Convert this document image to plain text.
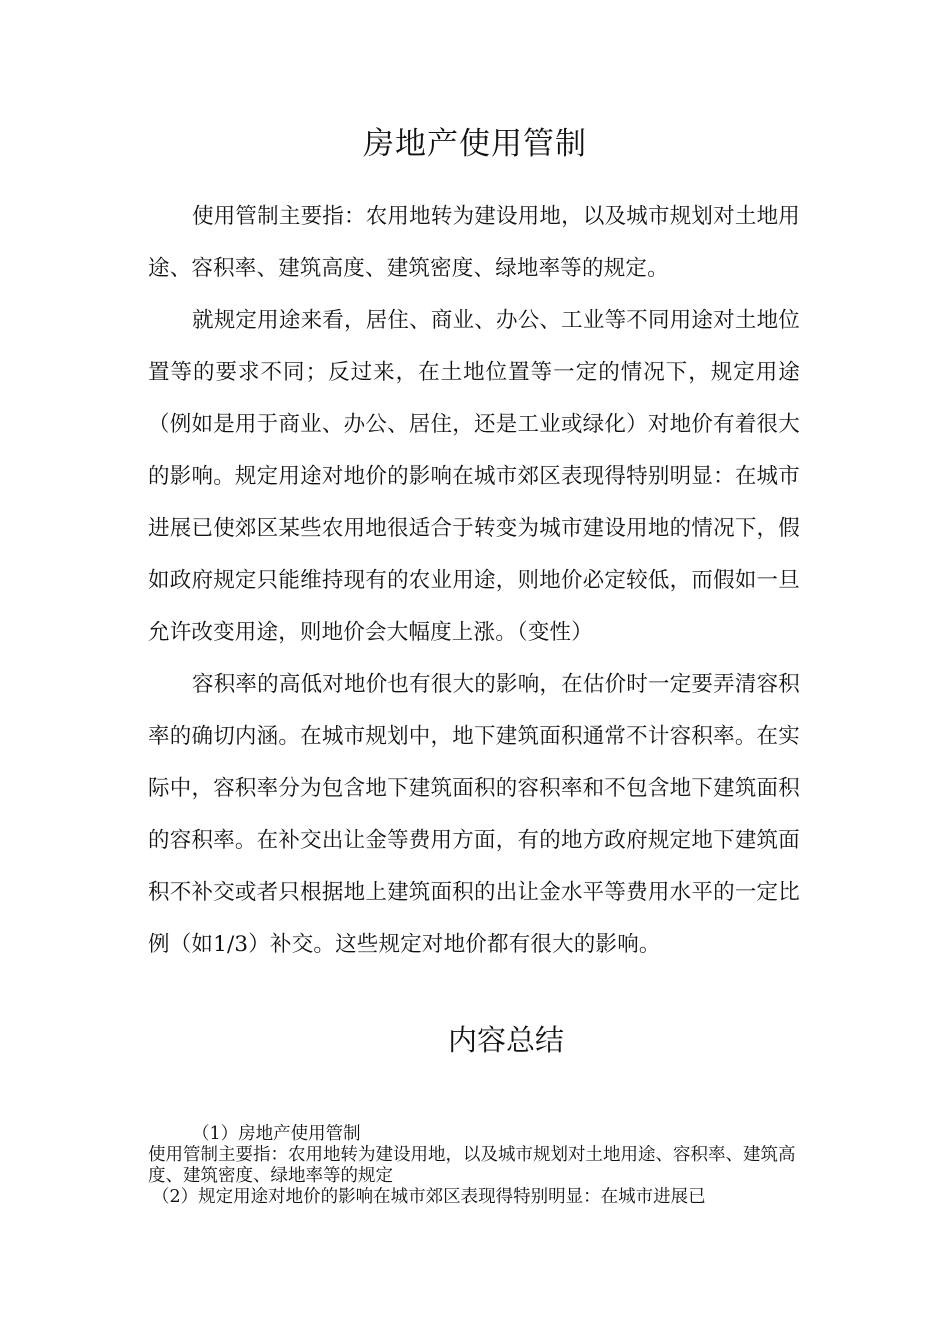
房地产使用管制

使用管制主要指：农用地转为建设用地，以及城市规划对土地用途、容积率、建筑高度、建筑密度、绿地率等的规定。

就规定用途来看，居住、商业、办公、工业等不同用途对土地位置等的要求不同；反过来，在土地位置等一定的情况下，规定用途（例如是用于商业、办公、居住，还是工业或绿化）对地价有着很大的影响。规定用途对地价的影响在城市郊区表现得特别明显：在城市进展已使郊区某些农用地很适合于转变为城市建设用地的情况下，假如政府规定只能维持现有的农业用途，则地价必定较低，而假如一旦允许改变用途，则地价会大幅度上涨。（变性）

容积率的高低对地价也有很大的影响，在估价时一定要弄清容积率的确切内涵。在城市规划中，地下建筑面积通常不计容积率。在实际中，容积率分为包含地下建筑面积的容积率和不包含地下建筑面积的容积率。在补交出让金等费用方面，有的地方政府规定地下建筑面积不补交或者只根据地上建筑面积的出让金水平等费用水平的一定比例（如1/3）补交。这些规定对地价都有很大的影响。

内容总结

（1）房地产使用管制

使用管制主要指：农用地转为建设用地，以及城市规划对土地用途、容积率、建筑高度、建筑密度、绿地率等的规定

（2）规定用途对地价的影响在城市郊区表现得特别明显：在城市进展已
